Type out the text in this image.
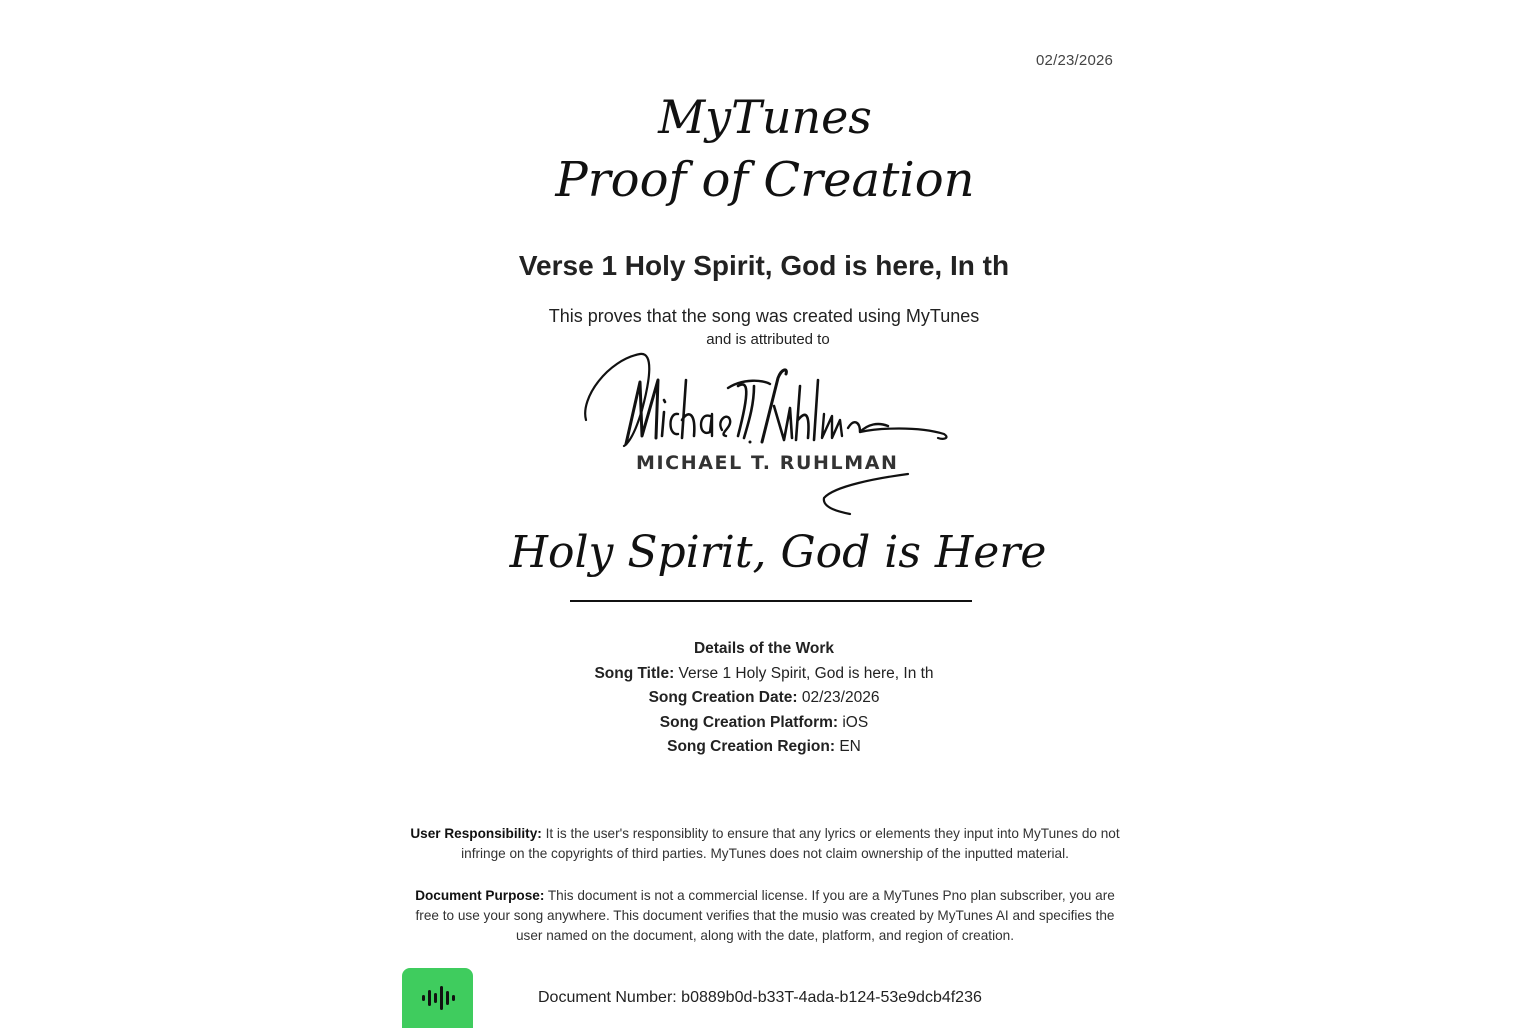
02/23/2026
MyTunes
Proof of Creation
Verse 1 Holy Spirit, God is here, In th
This proves that the song was created using MyTunes
and is attributed to
MICHAEL T. RUHLMAN
Holy Spirit, God is Here
Details of the Work
Song Title: Verse 1 Holy Spirit, God is here, In th
Song Creation Date: 02/23/2026
Song Creation Platform: iOS
Song Creation Region: EN
User Responsibility: It is the user's responsiblity to ensure that any lyrics or elements they input into MyTunes do not infringe on the copyrights of third parties. MyTunes does not claim ownership of the inputted material.
Document Purpose: This document is not a commercial license. If you are a MyTunes Pno plan subscriber, you are free to use your song anywhere. This document verifies that the musio was created by MyTunes AI and specifies the user named on the document, along with the date, platform, and region of creation.
Document Number: b0889b0d-b33T-4ada-b124-53e9dcb4f236
